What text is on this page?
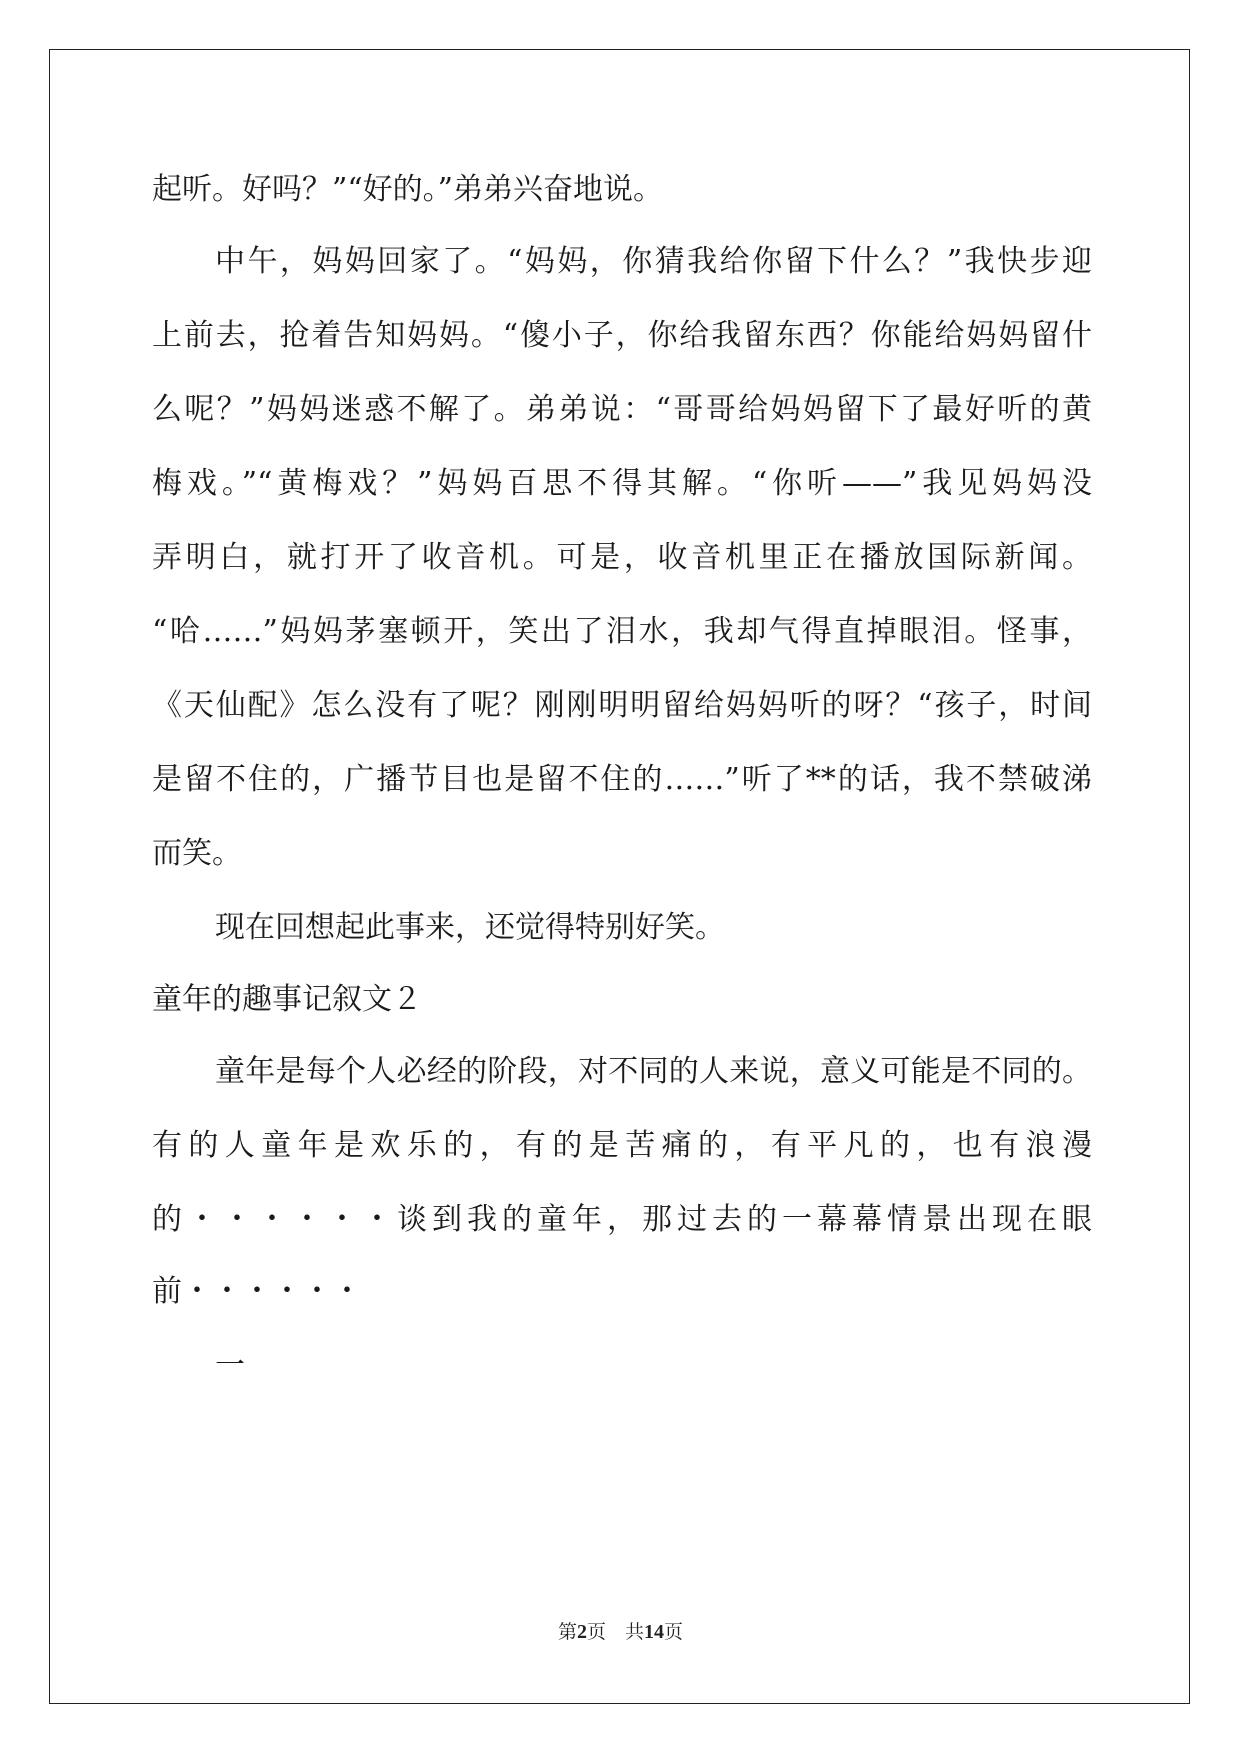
起听。好吗？”“好的。”弟弟兴奋地说。
中午，妈妈回家了。“妈妈，你猜我给你留下什么？”我快步迎
上前去，抢着告知妈妈。“傻小子，你给我留东西？你能给妈妈留什
么呢？”妈妈迷惑不解了。弟弟说：“哥哥给妈妈留下了最好听的黄
梅戏。”“黄梅戏？”妈妈百思不得其解。“你听——”我见妈妈没
弄明白，就打开了收音机。可是，收音机里正在播放国际新闻。
“哈……”妈妈茅塞顿开，笑出了泪水，我却气得直掉眼泪。怪事，
《天仙配》怎么没有了呢？刚刚明明留给妈妈听的呀？“孩子，时间
是留不住的，广播节目也是留不住的……”听了**的话，我不禁破涕
而笑。
现在回想起此事来，还觉得特别好笑。
童年的趣事记叙文２
童年是每个人必经的阶段，对不同的人来说，意义可能是不同的。
有的人童年是欢乐的，有的是苦痛的，有平凡的，也有浪漫
的・・・・・・谈到我的童年，那过去的一幕幕情景出现在眼
前・・・・・・
一
第2页　共14页
